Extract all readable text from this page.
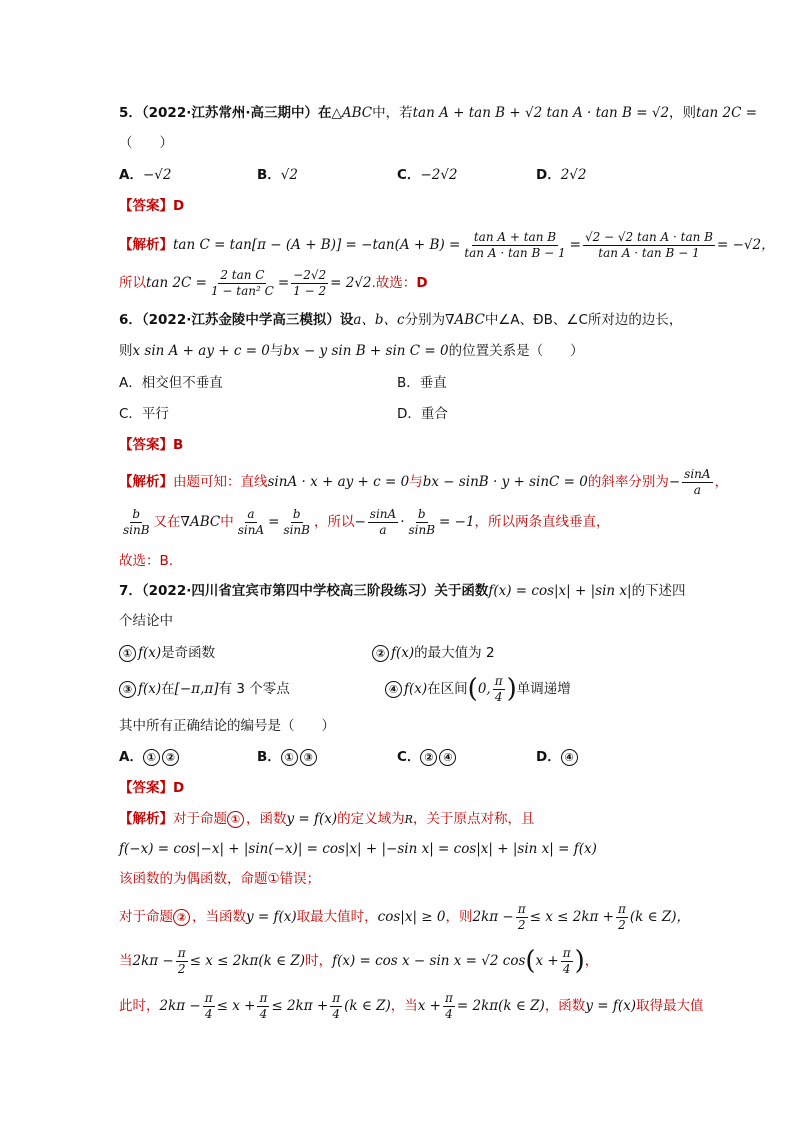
5．（2022·江苏常州·高三期中）在△ABC中，若tan A + tan B + √2 tan A · tan B = √2，则tan 2C =
（　　）
A．−√2	B．√2	C．−2√2	D．2√2
【答案】D
【解析】 $\tan C = \tan[\pi - (A + B)] = -\tan(A + B) = \frac{\text{tan A + tan B}}{\text{tan A · tan B − 1}} = \frac{\text{√2 − √2 tan A · tan B}}{\text{tan A · tan B − 1}} = -√2$，
所以 $\tan 2C = \frac{\text{2 tan C}}{\text{1 − tan² C}} = \frac{-2√2}{1 - 2} = 2√2$ .故选： D
6．（2022·江苏金陵中学高三模拟）设a、b、c分别为∇ABC中∠A、ÐB、∠C所对边的边长，
则x sin A + ay + c = 0与bx − y sin B + sin C = 0的位置关系是（　　）
A．相交但不垂直	B．垂直
C．平行	D．重合
【答案】B
【解析】 由题可知：直线 sinA · x + ay + c = 0 与 bx − sinB · y + sinC = 0 的斜率分别为 − $\frac{\sin A}{a}$ ，
$\frac{b}{\sin B}$ 又在 ∇ABC 中 $\frac{a}{\sin A} = \frac{b}{\sin B}$ ，所以 − $\frac{\sin A}{a} \cdot \frac{b}{\sin B} = -1$ ，所以两条直线垂直，
故选：B.
7．（2022·四川省宜宾市第四中学校高三阶段练习）关于函数f(x) = cos|x| + |sin x|的下述四
个结论中
① f(x)是奇函数	② f(x)的最大值为 2
③ f(x)在[−π,π]有 3 个零点	④ f(x) 在区间 ( 0, $\frac{\pi}{4}$ ) 单调递增
其中所有正确结论的编号是（　　）
A． ① ②	B． ① ③	C． ② ④	D． ④
【答案】D
【解析】对于命题 ① ，函数y = f(x)的定义域为R，关于原点对称，且
f(−x) = cos|−x| + |sin(−x)| = cos|x| + |−sin x| = cos|x| + |sin x| = f(x)
该函数的为偶函数，命题①错误；
对于命题 ② ，当函数 y = f(x) 取最大值时， cos|x| ≥ 0 ，则 $2k\pi - \frac{\pi}{2} \le x \le 2k\pi + \frac{\pi}{2} (k$ ∈ Z)，
当 $2k\pi - \frac{\pi}{2} \le x \le 2k\pi(k$ ∈ Z) 时， f(x) = cos x − sin x = √2 cos ( $x + \frac{\pi}{4}$ ) ，
此时， $2k\pi - \frac{\pi}{4} \le x + \frac{\pi}{4} \le 2k\pi + \frac{\pi}{4} (k$ ∈ Z) ，当 $x + \frac{\pi}{4} = 2k\pi(k$ ∈ Z) ，函数 y = f(x) 取得最大值
